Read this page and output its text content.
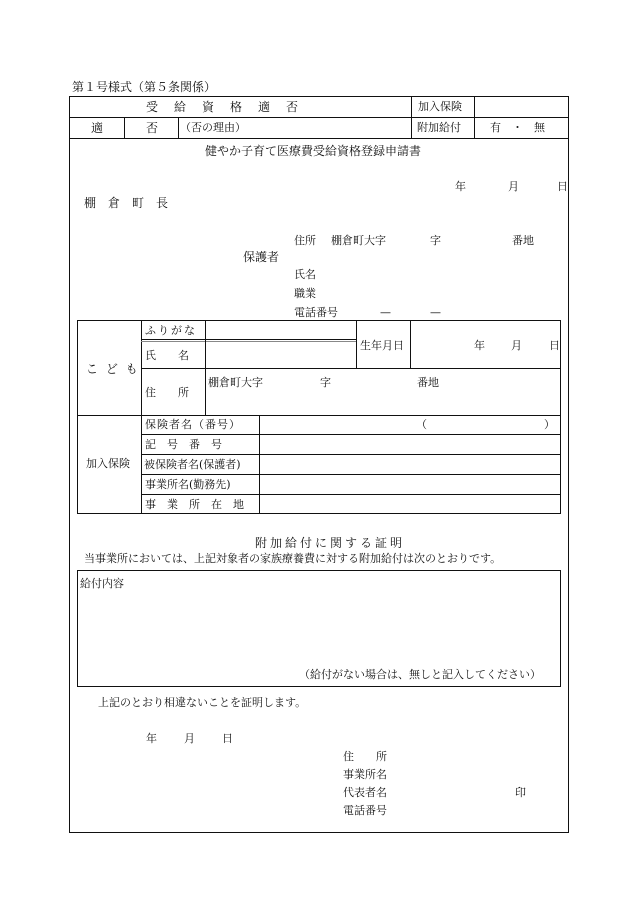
第１号様式（第５条関係）
受　給　資　格　適　否	加入保険
適	否 （否の理由）	附加給付	有　・　無
健やか子育て医療費受給資格登録申請書
年	月	日
棚　倉　町　長
住所 棚倉町大字	字	番地
保護者
氏名
職業
電話番号	—	—
こ ど も
ふりがな
氏　　名
生年月日	年 月 日
住　　所
棚倉町大字	字	番地
加入保険
保険者名（番号）	（	）
記　号　番　号
被保険者名(保護者)
事業所名(勤務先)
事　業　所　在　地
附加給付に関する証明
当事業所においては、上記対象者の家族療養費に対する附加給付は次のとおりです。
給付内容
（給付がない場合は、無しと記入してください）
上記のとおり相違ないことを証明します。
年 月 日
住　　所
事業所名
代表者名	印
電話番号
